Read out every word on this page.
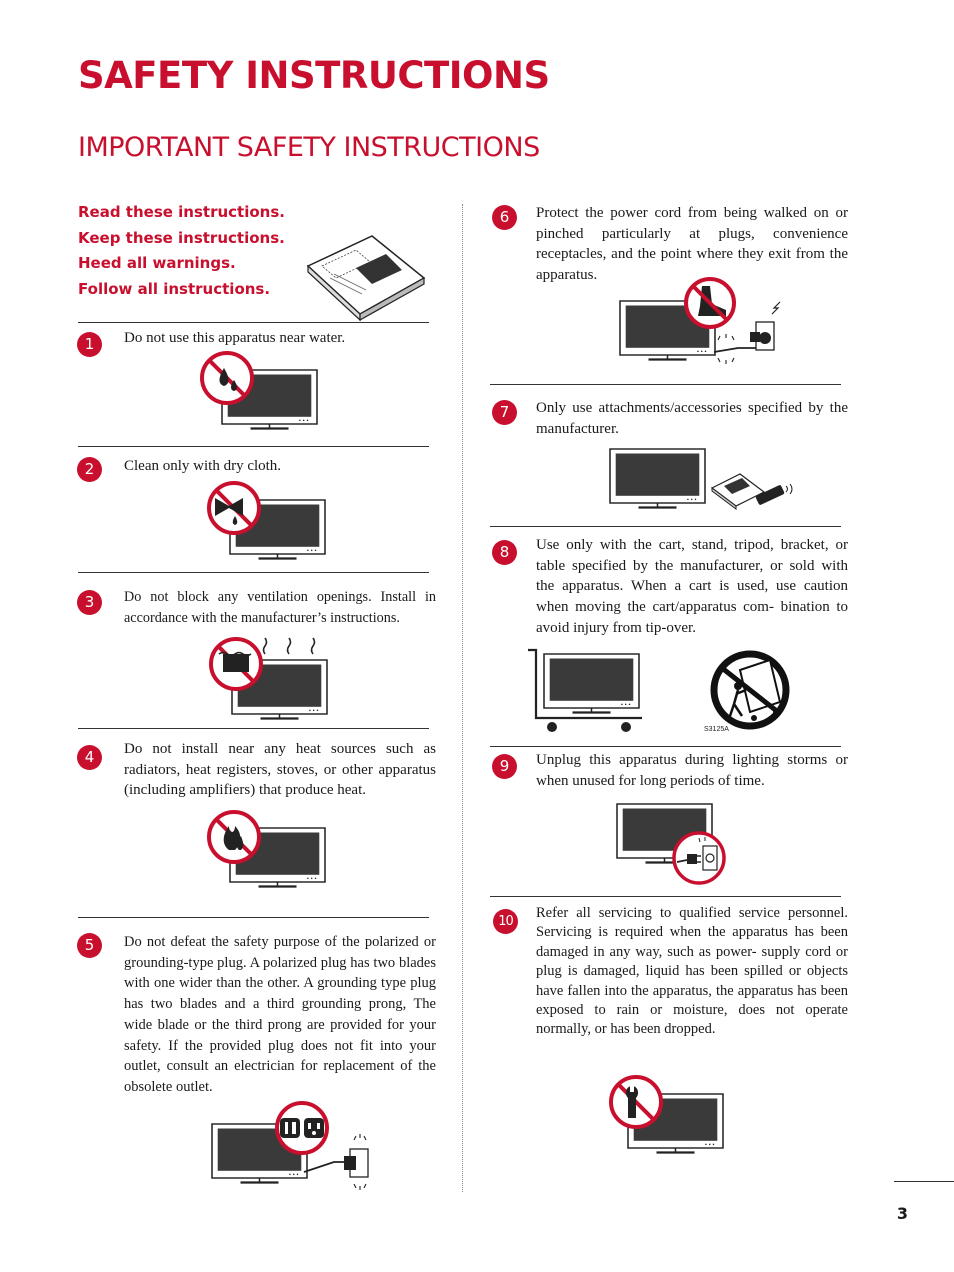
SAFETY INSTRUCTIONS
IMPORTANT SAFETY INSTRUCTIONS
Read these instructions.
Keep these instructions.
Heed all warnings.
Follow all instructions.
1	Do not use this apparatus near water.
2	Clean only with dry cloth.
3	Do not block any ventilation openings. Install in accordance with the manufacturer’s instructions.
4	Do not install near any heat sources such as radiators, heat registers, stoves, or other apparatus (including amplifiers) that produce heat.
5	Do not defeat the safety purpose of the polarized or grounding-type plug. A polarized plug has two blades with one wider than the other. A grounding type plug has two blades and a third grounding prong, The wide blade or the third prong are provided for your safety. If the provided plug does not fit into your outlet, consult an electrician for replacement of the obsolete outlet.
6	Protect the power cord from being walked on or pinched particularly at plugs, convenience receptacles, and the point where they exit from the apparatus.
7	Only use attachments/accessories specified by the manufacturer.
8	Use only with the cart, stand, tripod, bracket, or table specified by the manufacturer, or sold with the apparatus. When a cart is used, use caution when moving the cart/apparatus com- bination to avoid injury from tip-over.
S3125A
9	Unplug this apparatus during lighting storms or when unused for long periods of time.
10
Refer all servicing to qualified service personnel. Servicing is required when the apparatus has been damaged in any way, such as power- supply cord or plug is damaged, liquid has been spilled or objects have fallen into the apparatus, the apparatus has been exposed to rain or moisture, does not operate normally, or has been dropped.
3
